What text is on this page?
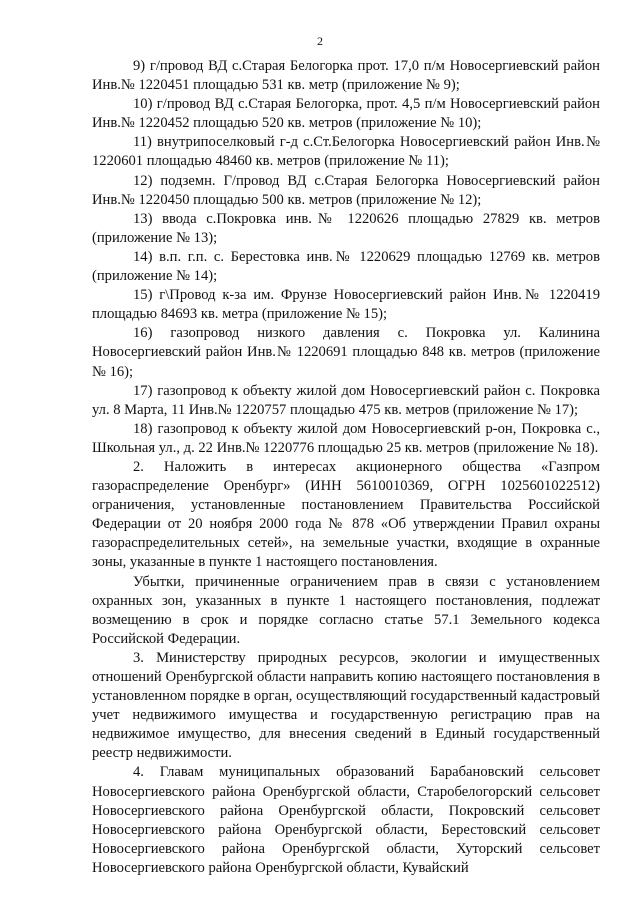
2

9) г/провод ВД с.Старая Белогорка прот. 17,0 п/м Новосергиевский район Инв.№ 1220451 площадью 531 кв. метр (приложение № 9);

10) г/провод ВД с.Старая Белогорка, прот. 4,5 п/м Новосергиевский район Инв.№ 1220452 площадью 520 кв. метров (приложение № 10);

11) внутрипоселковый г-д с.Ст.Белогорка Новосергиевский район Инв.№ 1220601 площадью 48460 кв. метров (приложение № 11);

12) подземн. Г/провод ВД с.Старая Белогорка Новосергиевский район Инв.№ 1220450 площадью 500 кв. метров (приложение № 12);

13) ввода с.Покровка инв.№ 1220626 площадью 27829 кв. метров (приложение № 13);

14) в.п. г.п. с. Берестовка инв.№ 1220629 площадью 12769 кв. метров (приложение № 14);

15) г\Провод к-за им. Фрунзе Новосергиевский район Инв.№ 1220419 площадью 84693 кв. метра (приложение № 15);

16) газопровод низкого давления с. Покровка ул. Калинина Новосергиевский район Инв.№ 1220691 площадью 848 кв. метров (приложение № 16);

17) газопровод к объекту жилой дом Новосергиевский район с. Покровка ул. 8 Марта, 11 Инв.№ 1220757 площадью 475 кв. метров (приложение № 17);

18) газопровод к объекту жилой дом Новосергиевский р-он, Покровка с., Школьная ул., д. 22 Инв.№ 1220776 площадью 25 кв. метров (приложение № 18).

2. Наложить в интересах акционерного общества «Газпром газораспределение Оренбург» (ИНН 5610010369, ОГРН 1025601022512) ограничения, установленные постановлением Правительства Российской Федерации от 20 ноября 2000 года № 878 «Об утверждении Правил охраны газораспределительных сетей», на земельные участки, входящие в охранные зоны, указанные в пункте 1 настоящего постановления.

Убытки, причиненные ограничением прав в связи с установлением охранных зон, указанных в пункте 1 настоящего постановления, подлежат возмещению в срок и порядке согласно статье 57.1 Земельного кодекса Российской Федерации.

3. Министерству природных ресурсов, экологии и имущественных отношений Оренбургской области направить копию настоящего постановления в установленном порядке в орган, осуществляющий государственный кадастровый учет недвижимого имущества и государственную регистрацию прав на недвижимое имущество, для внесения сведений в Единый государственный реестр недвижимости.

4. Главам муниципальных образований Барабановский сельсовет Новосергиевского района Оренбургской области, Старобелогорский сельсовет Новосергиевского района Оренбургской области, Покровский сельсовет Новосергиевского района Оренбургской области, Берестовский сельсовет Новосергиевского района Оренбургской области, Хуторский сельсовет Новосергиевского района Оренбургской области, Кувайский
